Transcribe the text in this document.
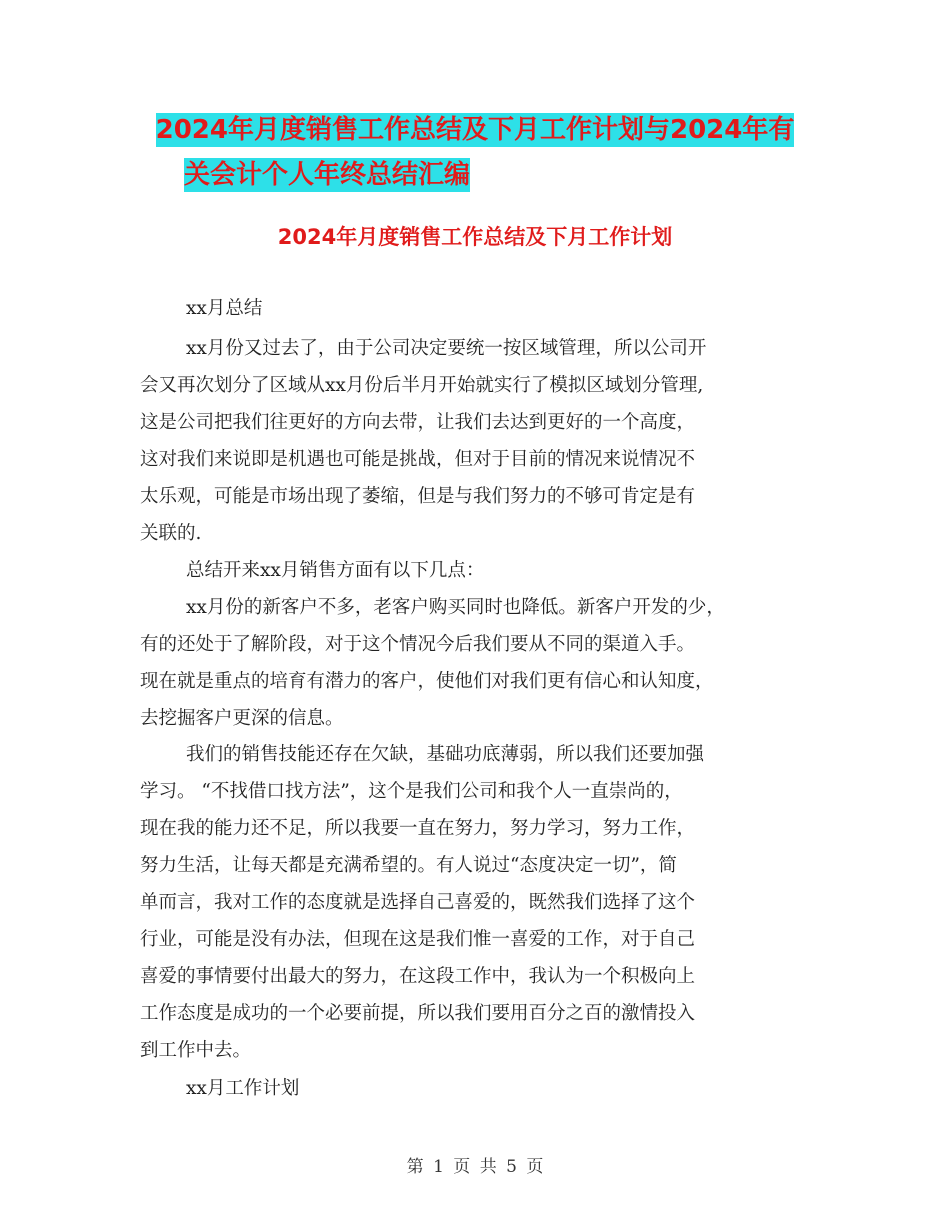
2024年月度销售工作总结及下月工作计划与2024年有
关会计个人年终总结汇编
2024年月度销售工作总结及下月工作计划
xx月总结
xx月份又过去了，由于公司决定要统一按区域管理，所以公司开
会又再次划分了区域从xx月份后半月开始就实行了模拟区域划分管理,
这是公司把我们往更好的方向去带，让我们去达到更好的一个高度，
这对我们来说即是机遇也可能是挑战，但对于目前的情况来说情况不
太乐观，可能是市场出现了萎缩，但是与我们努力的不够可肯定是有
关联的.
总结开来xx月销售方面有以下几点：
xx月份的新客户不多，老客户购买同时也降低。新客户开发的少，
有的还处于了解阶段，对于这个情况今后我们要从不同的渠道入手。
现在就是重点的培育有潜力的客户，使他们对我们更有信心和认知度，
去挖掘客户更深的信息。
我们的销售技能还存在欠缺，基础功底薄弱，所以我们还要加强
学习。 “不找借口找方法”，这个是我们公司和我个人一直崇尚的，
现在我的能力还不足，所以我要一直在努力，努力学习，努力工作，
努力生活，让每天都是充满希望的。有人说过“态度决定一切”，简
单而言，我对工作的态度就是选择自己喜爱的，既然我们选择了这个
行业，可能是没有办法，但现在这是我们惟一喜爱的工作，对于自己
喜爱的事情要付出最大的努力，在这段工作中，我认为一个积极向上
工作态度是成功的一个必要前提，所以我们要用百分之百的激情投入
到工作中去。
xx月工作计划
第 1 页 共 5 页
